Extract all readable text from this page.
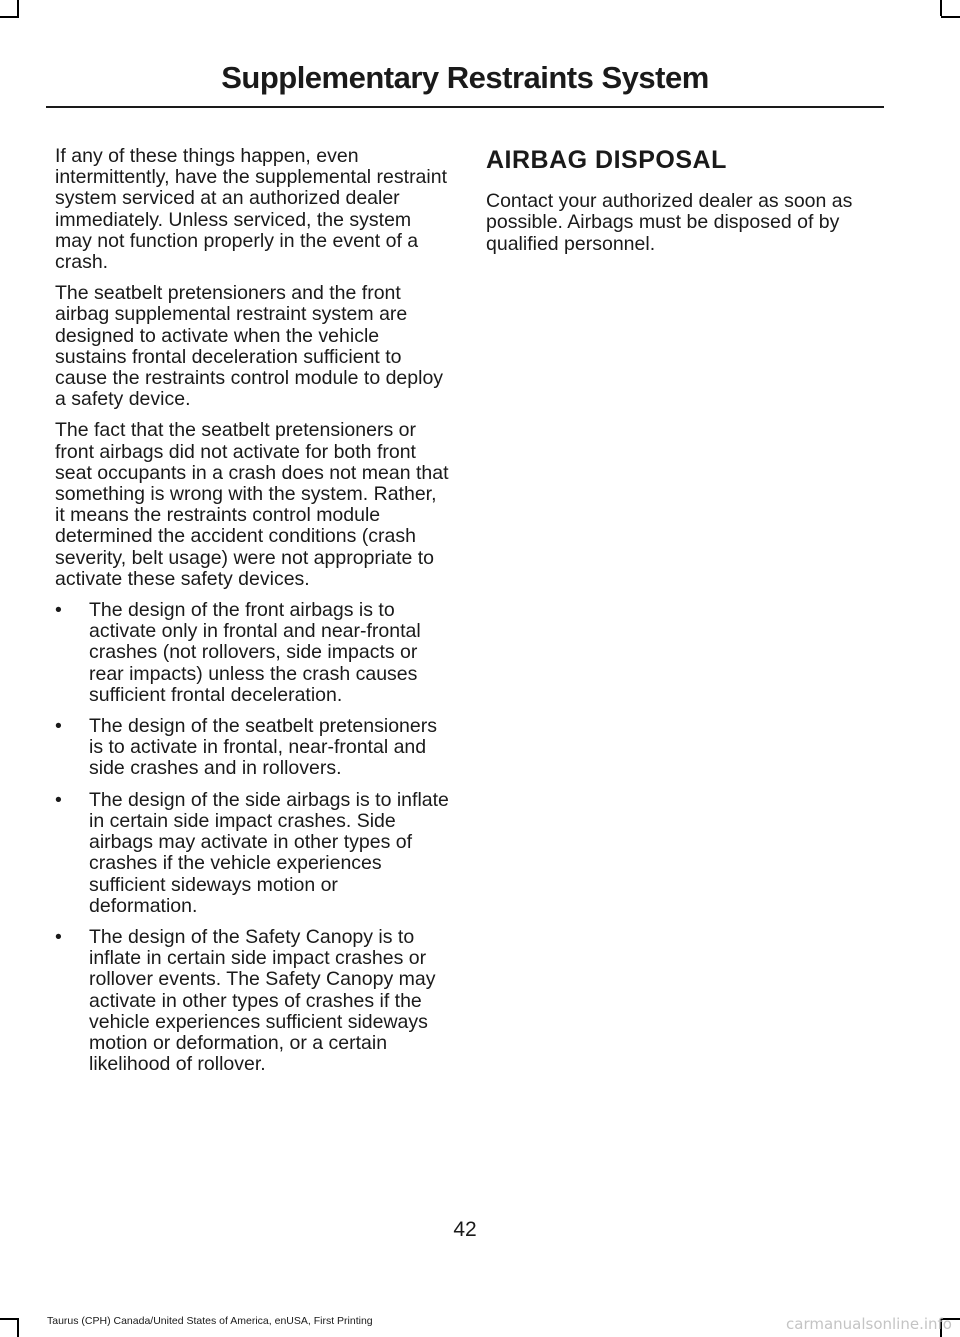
Supplementary Restraints System

If any of these things happen, even intermittently, have the supplemental restraint system serviced at an authorized dealer immediately. Unless serviced, the system may not function properly in the event of a crash.

The seatbelt pretensioners and the front airbag supplemental restraint system are designed to activate when the vehicle sustains frontal deceleration sufficient to cause the restraints control module to deploy a safety device.

The fact that the seatbelt pretensioners or front airbags did not activate for both front seat occupants in a crash does not mean that something is wrong with the system. Rather, it means the restraints control module determined the accident conditions (crash severity, belt usage) were not appropriate to activate these safety devices.

• The design of the front airbags is to activate only in frontal and near-frontal crashes (not rollovers, side impacts or rear impacts) unless the crash causes sufficient frontal deceleration.
• The design of the seatbelt pretensioners is to activate in frontal, near-frontal and side crashes and in rollovers.
• The design of the side airbags is to inflate in certain side impact crashes. Side airbags may activate in other types of crashes if the vehicle experiences sufficient sideways motion or deformation.
• The design of the Safety Canopy is to inflate in certain side impact crashes or rollover events. The Safety Canopy may activate in other types of crashes if the vehicle experiences sufficient sideways motion or deformation, or a certain likelihood of rollover.
AIRBAG DISPOSAL

Contact your authorized dealer as soon as possible. Airbags must be disposed of by qualified personnel.

42
Taurus (CPH) Canada/United States of America, enUSA, First Printing	carmanualsonline.info
